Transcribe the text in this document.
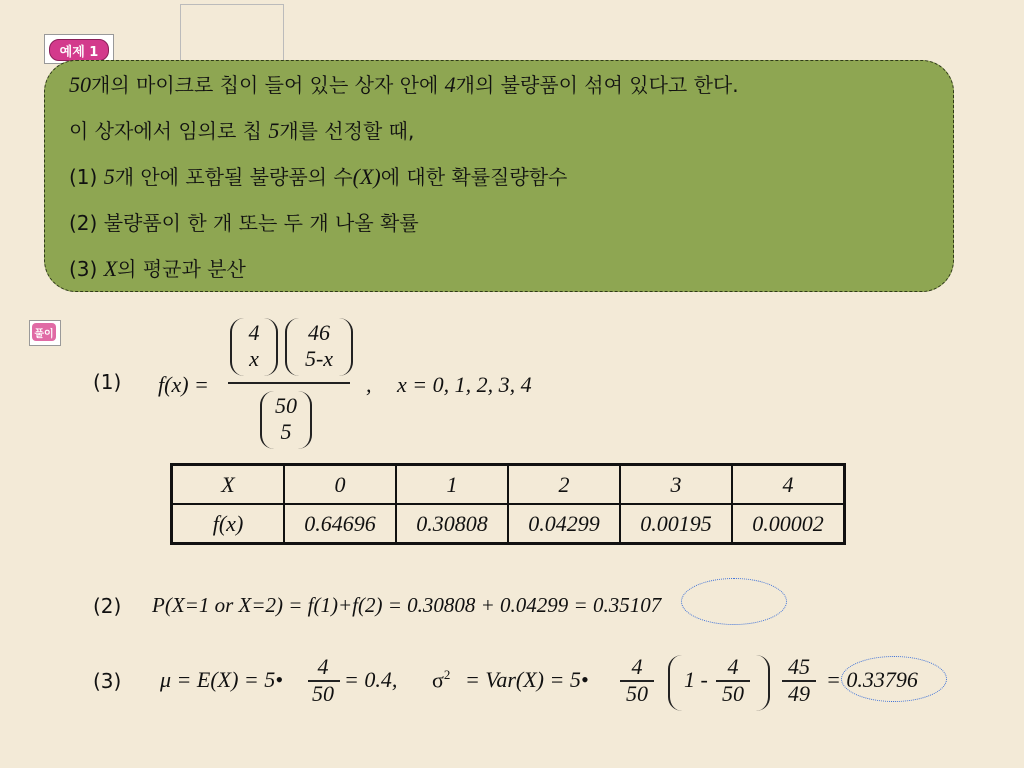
예제 1
50개의 마이크로 칩이 들어 있는 상자 안에 4개의 불량품이 섞여 있다고 한다.
이 상자에서 임의로 칩 5개를 선정할 때,
(1) 5개 안에 포함될 불량품의 수(X)에 대한 확률질량함수
(2) 불량품이 한 개 또는 두 개 나올 확률
(3) X의 평균과 분산
풀이
(1) f(x) =
4
x
46
5-x
50
5
, x = 0, 1, 2, 3, 4
X	0	1	2	3	4
f(x)	0.64696	0.30808	0.04299	0.00195	0.00002
(2) P(X=1 or X=2) = f(1)+f(2) = 0.30808 + 0.04299 = 0.35107
(3) μ = E(X) = 5•
4
50
= 0.4, $\sigma^2 = Var(X)$ = 5•
4
50
1 -
4
50
45
49
= 0.33796
